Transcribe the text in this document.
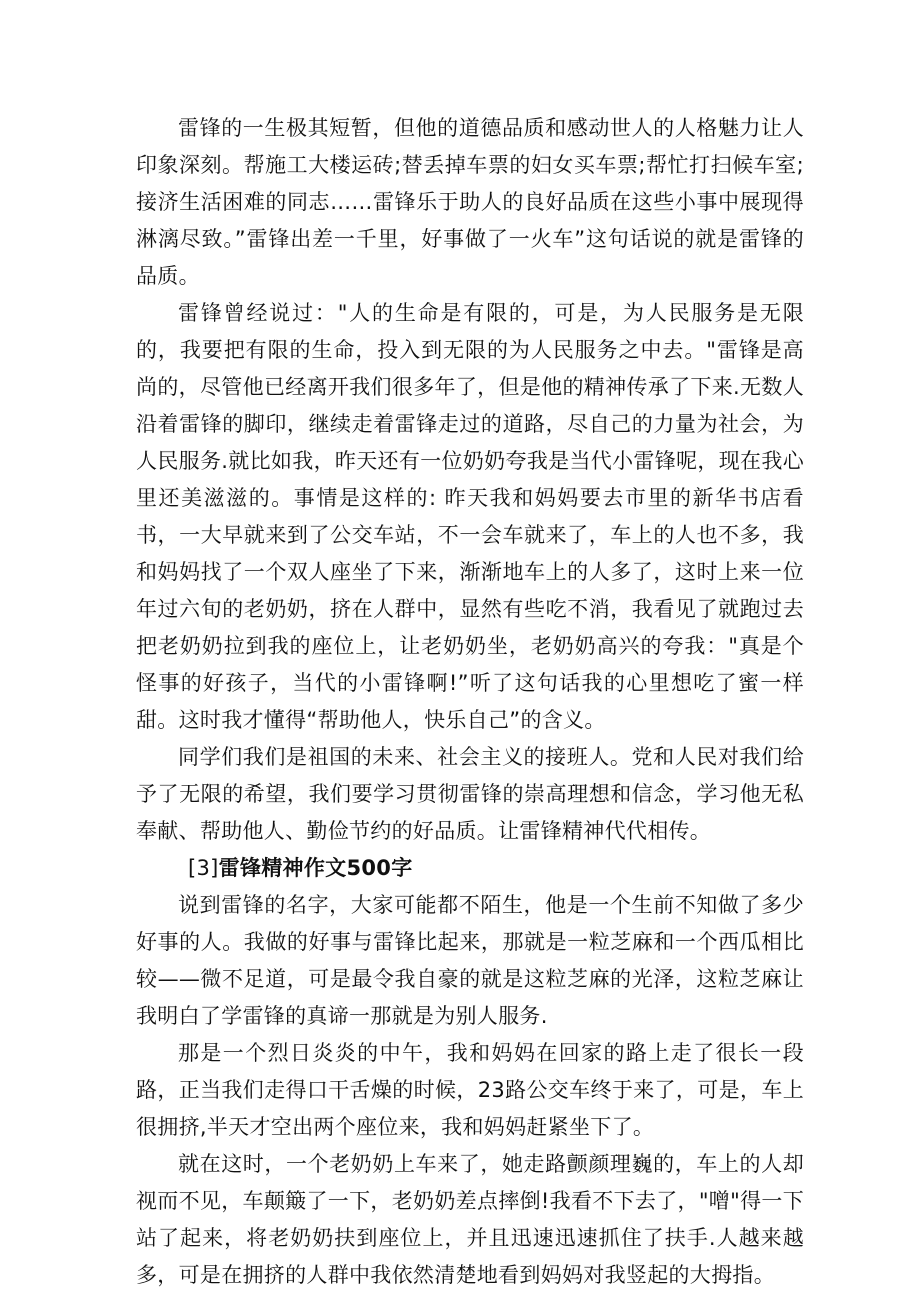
雷锋的一生极其短暂，但他的道德品质和感动世人的人格魅力让人印象深刻。帮施工大楼运砖;替丢掉车票的妇女买车票;帮忙打扫候车室;接济生活困难的同志……雷锋乐于助人的良好品质在这些小事中展现得淋漓尽致。”雷锋出差一千里，好事做了一火车”这句话说的就是雷锋的品质。

雷锋曾经说过："人的生命是有限的，可是，为人民服务是无限的，我要把有限的生命，投入到无限的为人民服务之中去。"雷锋是高尚的，尽管他已经离开我们很多年了，但是他的精神传承了下来.无数人沿着雷锋的脚印，继续走着雷锋走过的道路，尽自己的力量为社会，为人民服务.就比如我，昨天还有一位奶奶夸我是当代小雷锋呢，现在我心里还美滋滋的。事情是这样的: 昨天我和妈妈要去市里的新华书店看书，一大早就来到了公交车站，不一会车就来了，车上的人也不多，我和妈妈找了一个双人座坐了下来，渐渐地车上的人多了，这时上来一位年过六旬的老奶奶，挤在人群中，显然有些吃不消，我看见了就跑过去把老奶奶拉到我的座位上，让老奶奶坐，老奶奶高兴的夸我："真是个怪事的好孩子，当代的小雷锋啊!”听了这句话我的心里想吃了蜜一样甜。这时我才懂得“帮助他人，快乐自己”的含义。

同学们我们是祖国的未来、社会主义的接班人。党和人民对我们给予了无限的希望，我们要学习贯彻雷锋的崇高理想和信念，学习他无私奉献、帮助他人、勤俭节约的好品质。让雷锋精神代代相传。

[3]雷锋精神作文500字

说到雷锋的名字，大家可能都不陌生，他是一个生前不知做了多少好事的人。我做的好事与雷锋比起来，那就是一粒芝麻和一个西瓜相比较——微不足道，可是最令我自豪的就是这粒芝麻的光泽，这粒芝麻让我明白了学雷锋的真谛一那就是为别人服务.

那是一个烈日炎炎的中午，我和妈妈在回家的路上走了很长一段路，正当我们走得口干舌燥的时候，23路公交车终于来了，可是，车上很拥挤,半天才空出两个座位来，我和妈妈赶紧坐下了。

就在这时，一个老奶奶上车来了，她走路颤颜理巍的，车上的人却视而不见，车颠簸了一下，老奶奶差点摔倒!我看不下去了，"噌"得一下站了起来，将老奶奶扶到座位上，并且迅速迅速抓住了扶手.人越来越多，可是在拥挤的人群中我依然清楚地看到妈妈对我竖起的大拇指。
